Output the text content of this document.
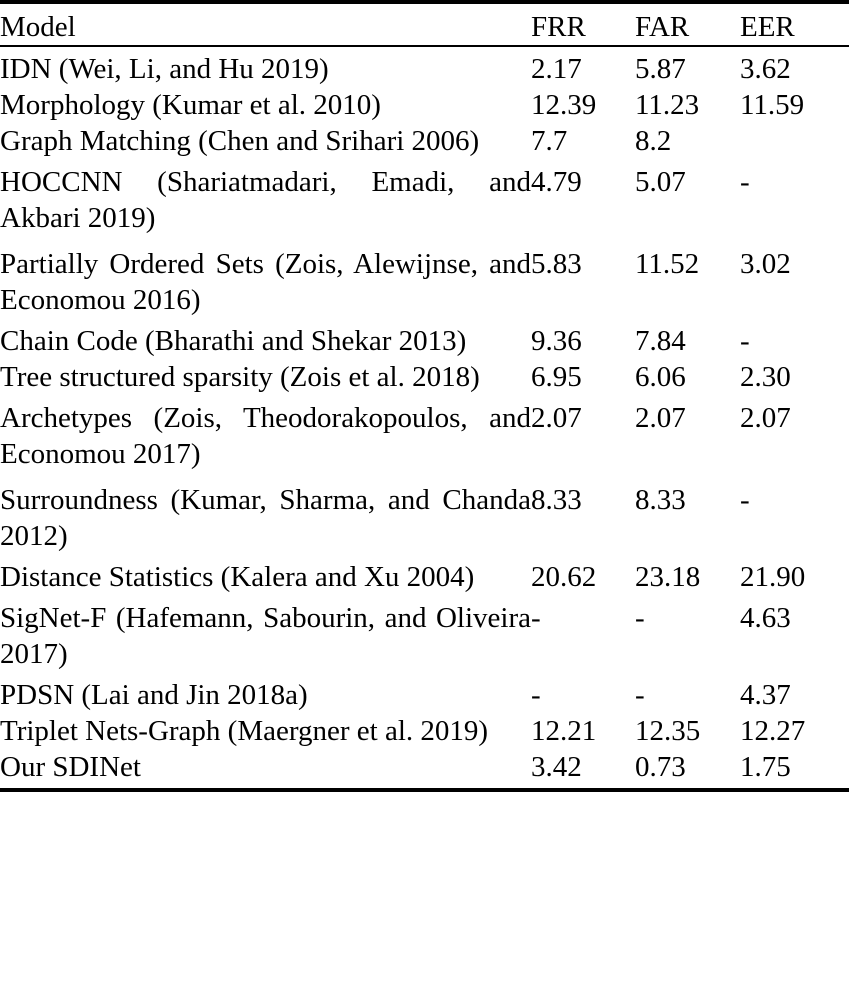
Model	FRR	FAR	EER
IDN (Wei, Li, and Hu 2019)	2.17	5.87	3.62
Morphology (Kumar et al. 2010)	12.39	11.23	11.59
Graph Matching (Chen and Srihari 2006)	7.7	8.2	
HOCCNN (Shariatmadari, Emadi, and Akbari 2019)	4.79	5.07	-
Partially Ordered Sets (Zois, Alewijnse, and Economou 2016)	5.83	11.52	3.02
Chain Code (Bharathi and Shekar 2013)	9.36	7.84	-
Tree structured sparsity (Zois et al. 2018)	6.95	6.06	2.30
Archetypes (Zois, Theodorakopoulos, and Economou 2017)	2.07	2.07	2.07
Surroundness (Kumar, Sharma, and Chanda 2012)	8.33	8.33	-
Distance Statistics (Kalera and Xu 2004)	20.62	23.18	21.90
SigNet-F (Hafemann, Sabourin, and Oliveira 2017)	-	-	4.63
PDSN (Lai and Jin 2018a)	-	-	4.37
Triplet Nets-Graph (Maergner et al. 2019)	12.21	12.35	12.27
Our SDINet	3.42	0.73	1.75
